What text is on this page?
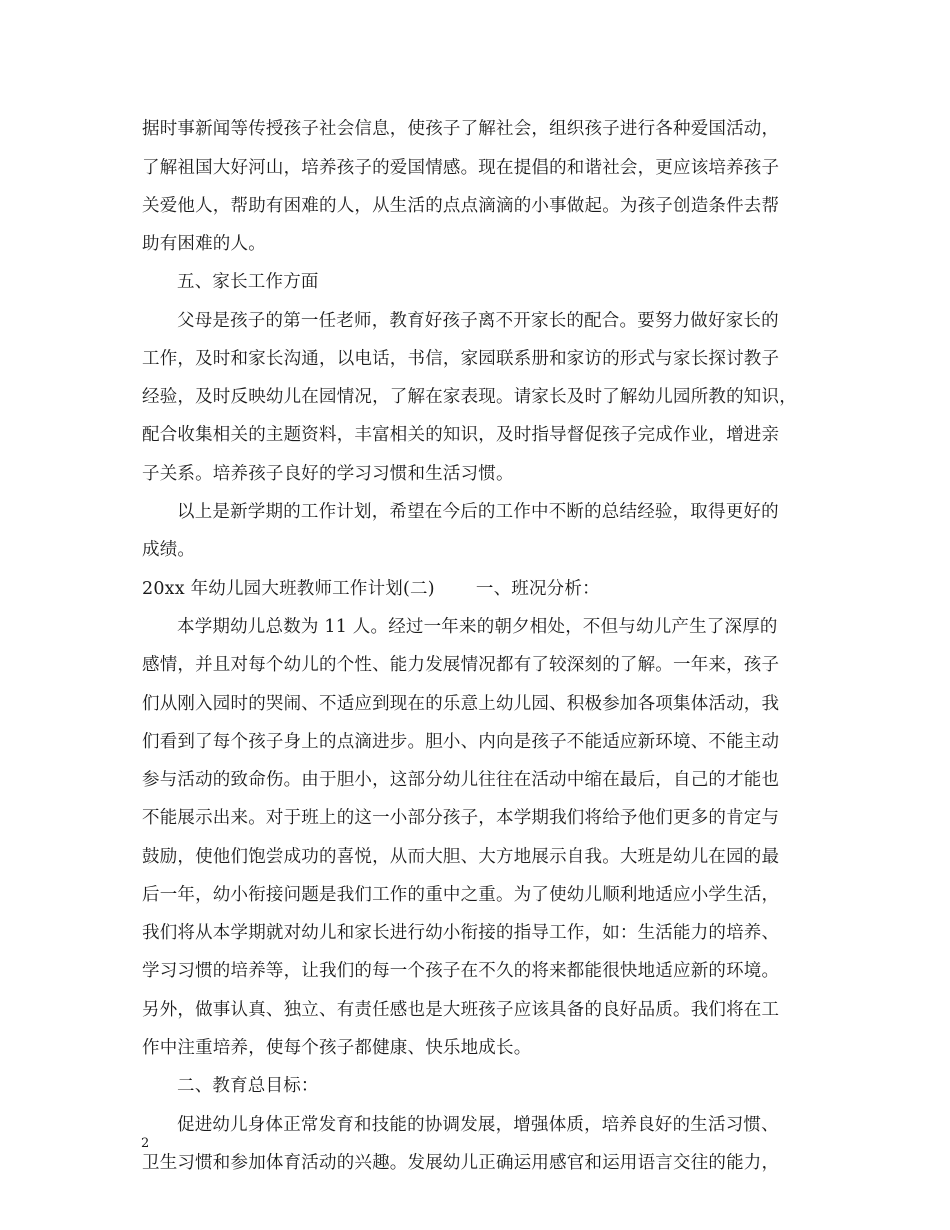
据时事新闻等传授孩子社会信息，使孩子了解社会，组织孩子进行各种爱国活动，
了解祖国大好河山，培养孩子的爱国情感。现在提倡的和谐社会，更应该培养孩子
关爱他人，帮助有困难的人，从生活的点点滴滴的小事做起。为孩子创造条件去帮
助有困难的人。
五、家长工作方面
父母是孩子的第一任老师，教育好孩子离不开家长的配合。要努力做好家长的
工作，及时和家长沟通，以电话，书信，家园联系册和家访的形式与家长探讨教子
经验，及时反映幼儿在园情况，了解在家表现。请家长及时了解幼儿园所教的知识，
配合收集相关的主题资料，丰富相关的知识，及时指导督促孩子完成作业，增进亲
子关系。培养孩子良好的学习习惯和生活习惯。
以上是新学期的工作计划，希望在今后的工作中不断的总结经验，取得更好的
成绩。
20xx 年幼儿园大班教师工作计划(二)　　 一、班况分析：
本学期幼儿总数为 11 人。经过一年来的朝夕相处，不但与幼儿产生了深厚的
感情，并且对每个幼儿的个性、能力发展情况都有了较深刻的了解。一年来，孩子
们从刚入园时的哭闹、不适应到现在的乐意上幼儿园、积极参加各项集体活动，我
们看到了每个孩子身上的点滴进步。胆小、内向是孩子不能适应新环境、不能主动
参与活动的致命伤。由于胆小，这部分幼儿往往在活动中缩在最后，自己的才能也
不能展示出来。对于班上的这一小部分孩子，本学期我们将给予他们更多的肯定与
鼓励，使他们饱尝成功的喜悦，从而大胆、大方地展示自我。大班是幼儿在园的最
后一年，幼小衔接问题是我们工作的重中之重。为了使幼儿顺利地适应小学生活，
我们将从本学期就对幼儿和家长进行幼小衔接的指导工作，如：生活能力的培养、
学习习惯的培养等，让我们的每一个孩子在不久的将来都能很快地适应新的环境。
另外，做事认真、独立、有责任感也是大班孩子应该具备的良好品质。我们将在工
作中注重培养，使每个孩子都健康、快乐地成长。
二、教育总目标：
促进幼儿身体正常发育和技能的协调发展，增强体质，培养良好的生活习惯、
卫生习惯和参加体育活动的兴趣。发展幼儿正确运用感官和运用语言交往的能力，
2
